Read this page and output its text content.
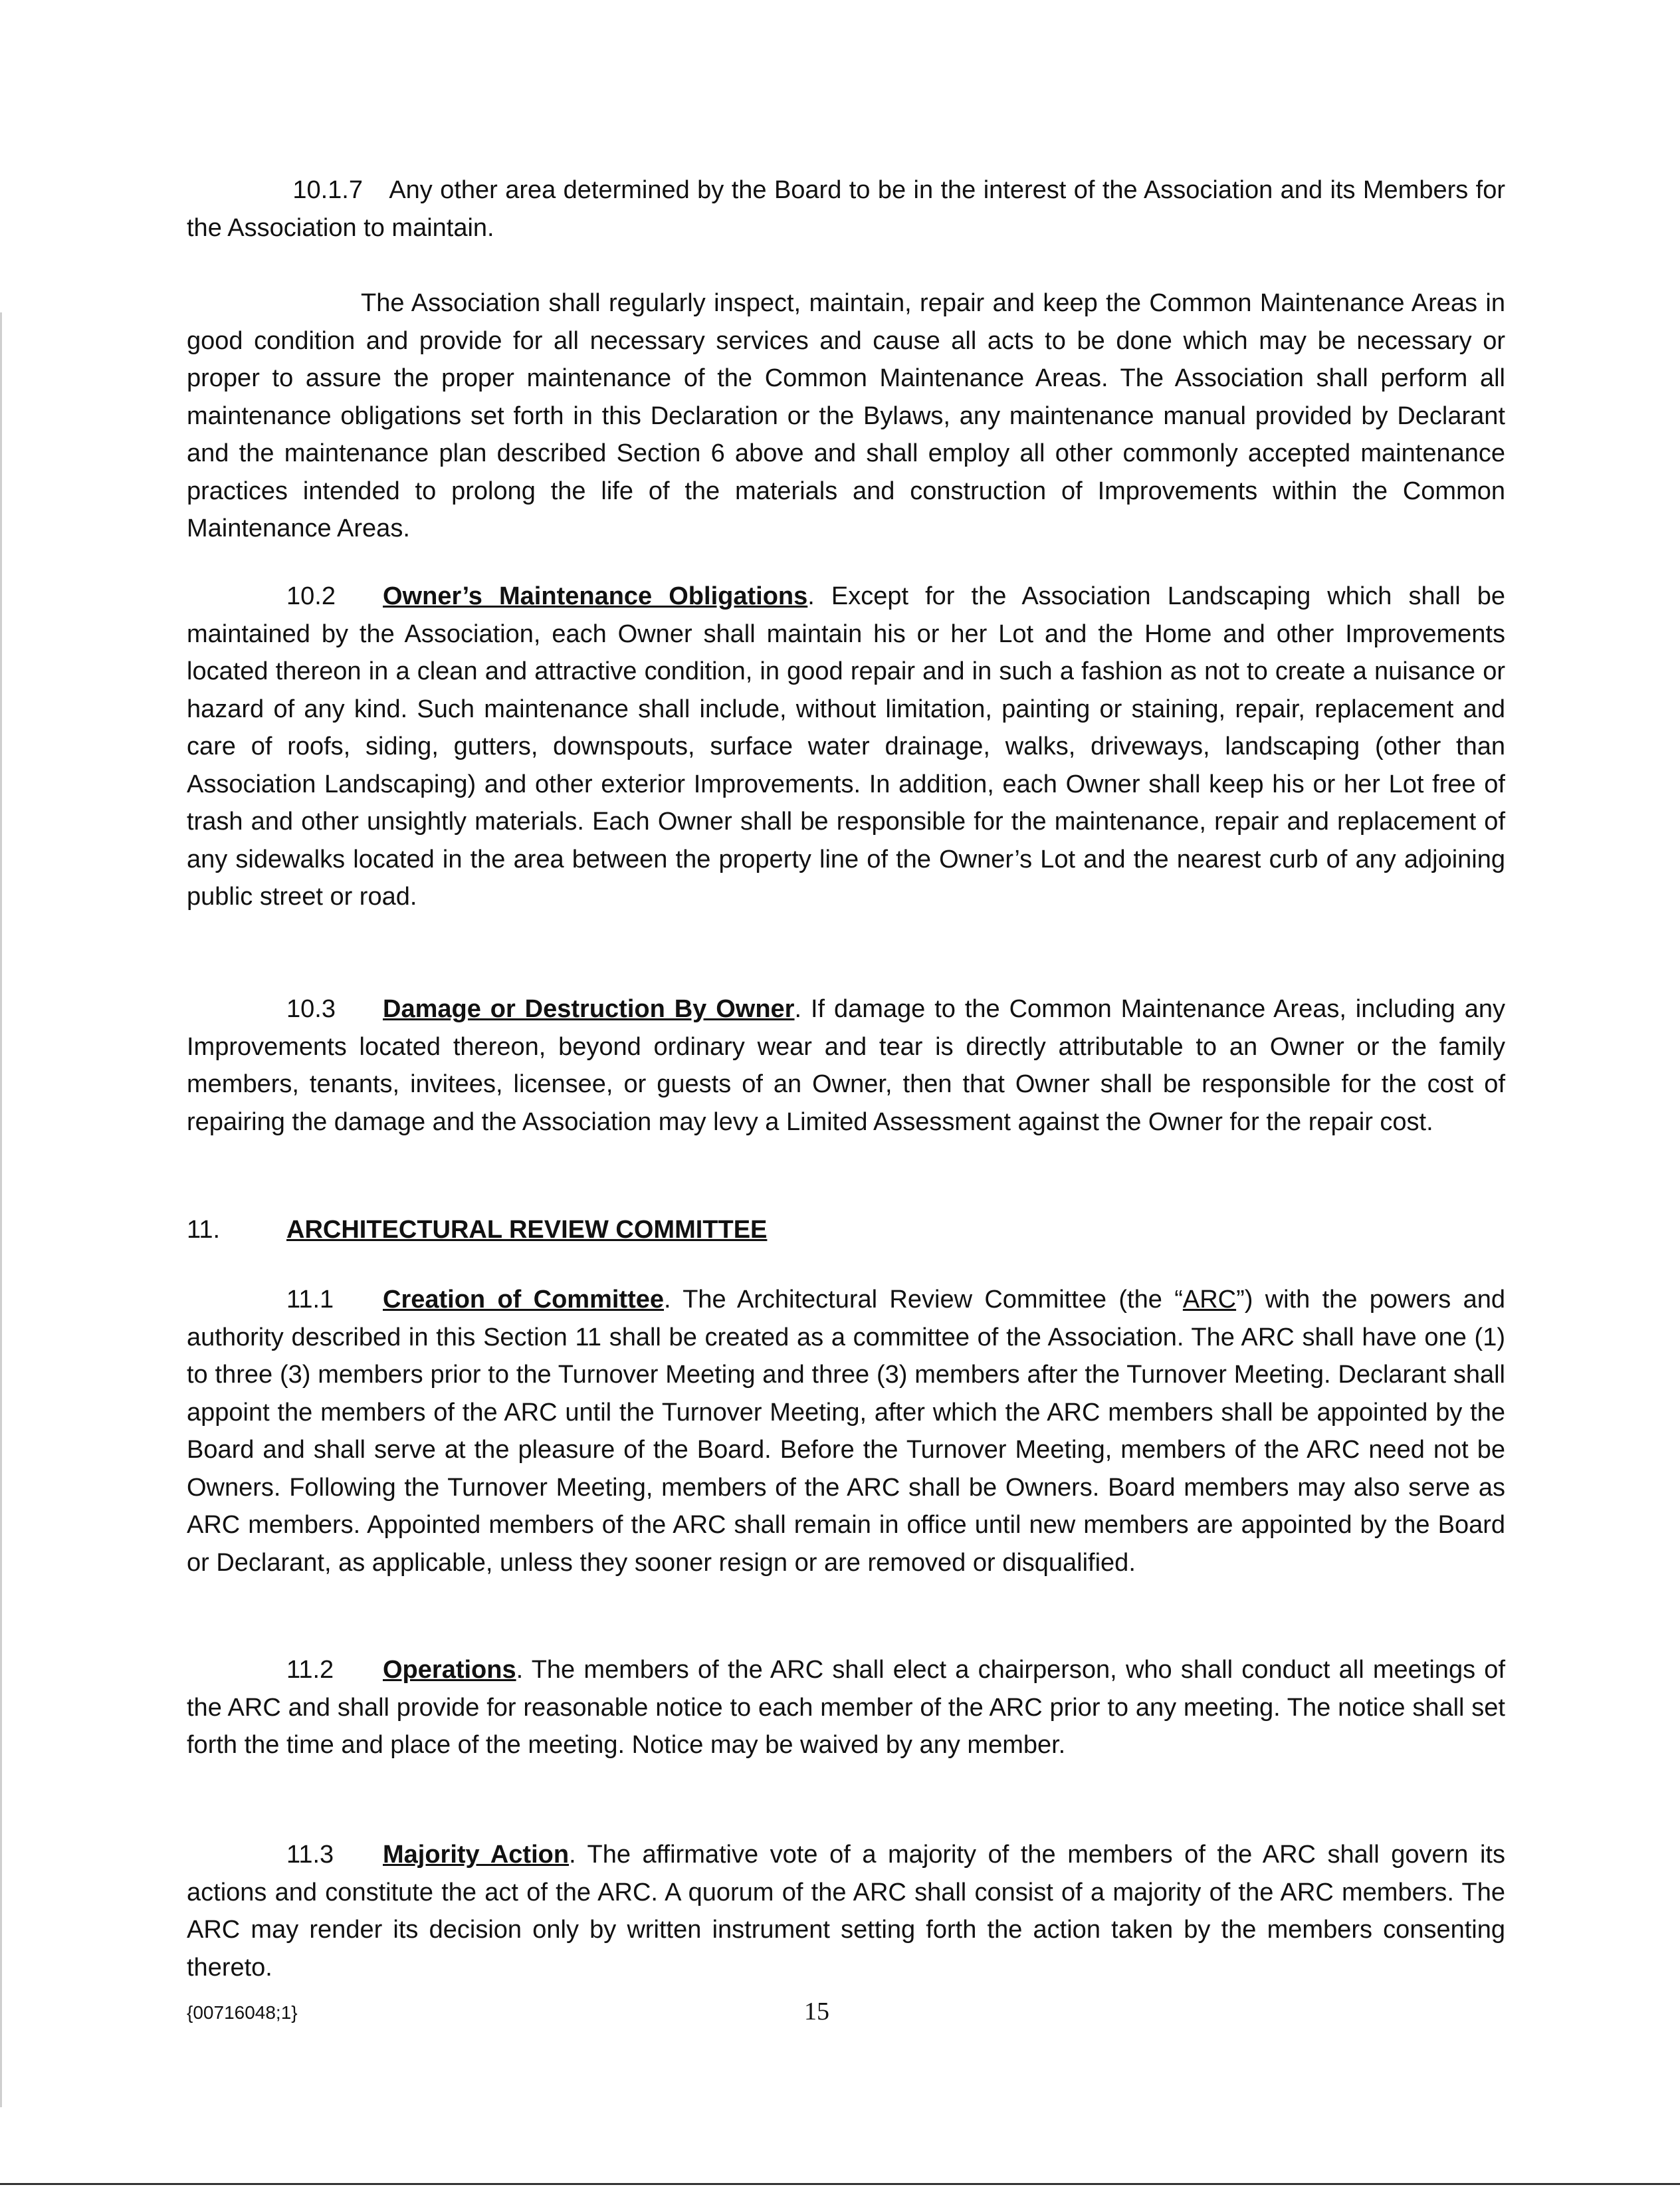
10.1.7 Any other area determined by the Board to be in the interest of the Association and its Members for the Association to maintain.

The Association shall regularly inspect, maintain, repair and keep the Common Maintenance Areas in good condition and provide for all necessary services and cause all acts to be done which may be necessary or proper to assure the proper maintenance of the Common Maintenance Areas. The Association shall perform all maintenance obligations set forth in this Declaration or the Bylaws, any maintenance manual provided by Declarant and the maintenance plan described Section 6 above and shall employ all other commonly accepted maintenance practices intended to prolong the life of the materials and construction of Improvements within the Common Maintenance Areas.

10.2 Owner’s Maintenance Obligations. Except for the Association Landscaping which shall be maintained by the Association, each Owner shall maintain his or her Lot and the Home and other Improvements located thereon in a clean and attractive condition, in good repair and in such a fashion as not to create a nuisance or hazard of any kind. Such maintenance shall include, without limitation, painting or staining, repair, replacement and care of roofs, siding, gutters, downspouts, surface water drainage, walks, driveways, landscaping (other than Association Landscaping) and other exterior Improvements. In addition, each Owner shall keep his or her Lot free of trash and other unsightly materials. Each Owner shall be responsible for the maintenance, repair and replacement of any sidewalks located in the area between the property line of the Owner’s Lot and the nearest curb of any adjoining public street or road.

10.3 Damage or Destruction By Owner. If damage to the Common Maintenance Areas, including any Improvements located thereon, beyond ordinary wear and tear is directly attributable to an Owner or the family members, tenants, invitees, licensee, or guests of an Owner, then that Owner shall be responsible for the cost of repairing the damage and the Association may levy a Limited Assessment against the Owner for the repair cost.

11.	ARCHITECTURAL REVIEW COMMITTEE

11.1 Creation of Committee. The Architectural Review Committee (the “ARC”) with the powers and authority described in this Section 11 shall be created as a committee of the Association. The ARC shall have one (1) to three (3) members prior to the Turnover Meeting and three (3) members after the Turnover Meeting. Declarant shall appoint the members of the ARC until the Turnover Meeting, after which the ARC members shall be appointed by the Board and shall serve at the pleasure of the Board. Before the Turnover Meeting, members of the ARC need not be Owners. Following the Turnover Meeting, members of the ARC shall be Owners. Board members may also serve as ARC members. Appointed members of the ARC shall remain in office until new members are appointed by the Board or Declarant, as applicable, unless they sooner resign or are removed or disqualified.

11.2 Operations. The members of the ARC shall elect a chairperson, who shall conduct all meetings of the ARC and shall provide for reasonable notice to each member of the ARC prior to any meeting. The notice shall set forth the time and place of the meeting. Notice may be waived by any member.

11.3 Majority Action. The affirmative vote of a majority of the members of the ARC shall govern its actions and constitute the act of the ARC. A quorum of the ARC shall consist of a majority of the ARC members. The ARC may render its decision only by written instrument setting forth the action taken by the members consenting thereto.

{00716048;1}	15
